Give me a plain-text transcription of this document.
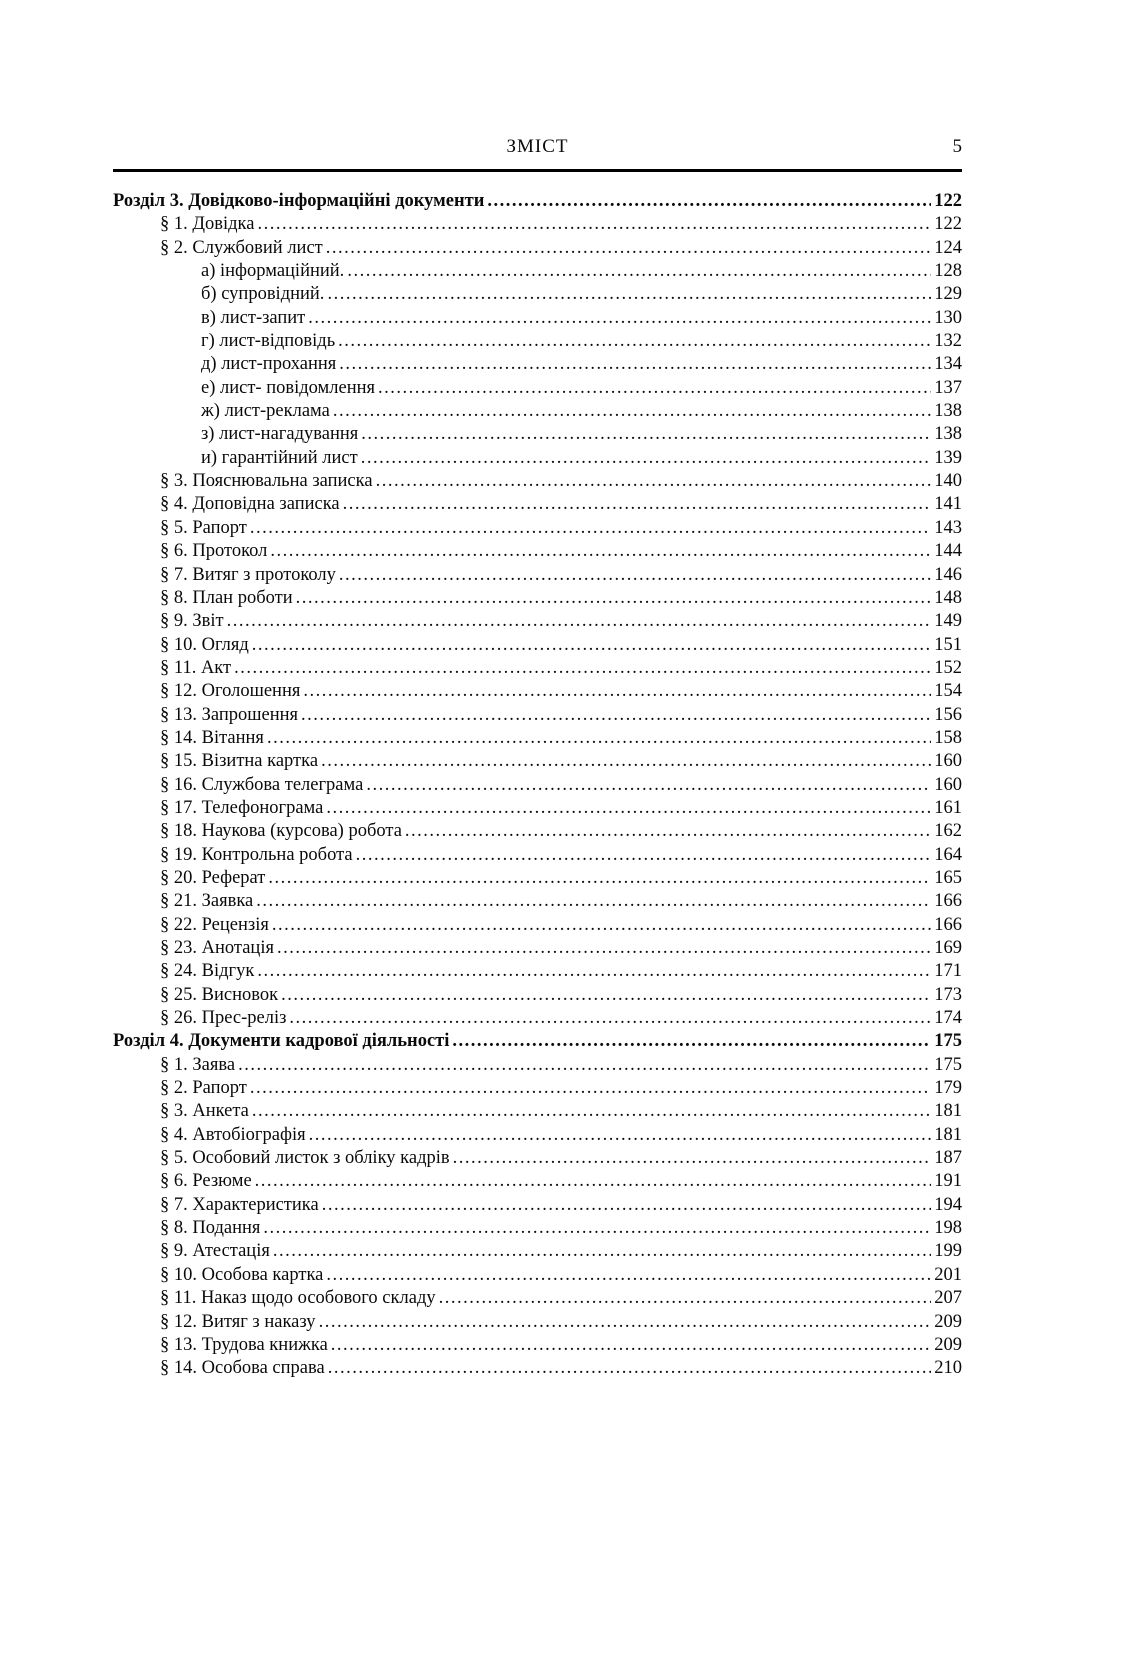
ЗМІСТ	5
Розділ 3. Довідково-інформаційні документи .....	122
§ 1. Довідка .....	122
§ 2. Службовий лист .....	124
а) інформаційний. .....	128
б) супровідний. .....	129
в) лист-запит .....	130
г) лист-відповідь .....	132
д) лист-прохання .....	134
е) лист- повідомлення .....	137
ж) лист-реклама .....	138
з) лист-нагадування .....	138
и) гарантійний лист .....	139
§ 3. Пояснювальна записка .....	140
§ 4. Доповідна записка .....	141
§ 5. Рапорт .....	143
§ 6. Протокол .....	144
§ 7. Витяг з протоколу .....	146
§ 8. План роботи .....	148
§ 9. Звіт .....	149
§ 10. Огляд .....	151
§ 11. Акт .....	152
§ 12. Оголошення .....	154
§ 13. Запрошення .....	156
§ 14. Вітання .....	158
§ 15. Візитна картка .....	160
§ 16. Службова телеграма .....	160
§ 17. Телефонограма .....	161
§ 18. Наукова (курсова) робота .....	162
§ 19. Контрольна робота .....	164
§ 20. Реферат .....	165
§ 21. Заявка .....	166
§ 22. Рецензія .....	166
§ 23. Анотація .....	169
§ 24. Відгук .....	171
§ 25. Висновок .....	173
§ 26. Прес-реліз .....	174
Розділ 4. Документи кадрової діяльності .....	175
§ 1. Заява .....	175
§ 2. Рапорт .....	179
§ 3. Анкета .....	181
§ 4. Автобіографія .....	181
§ 5. Особовий листок з обліку кадрів .....	187
§ 6. Резюме .....	191
§ 7. Характеристика .....	194
§ 8. Подання .....	198
§ 9. Атестація .....	199
§ 10. Особова картка .....	201
§ 11. Наказ щодо особового складу .....	207
§ 12. Витяг з наказу .....	209
§ 13. Трудова книжка .....	209
§ 14. Особова справа .....	210
